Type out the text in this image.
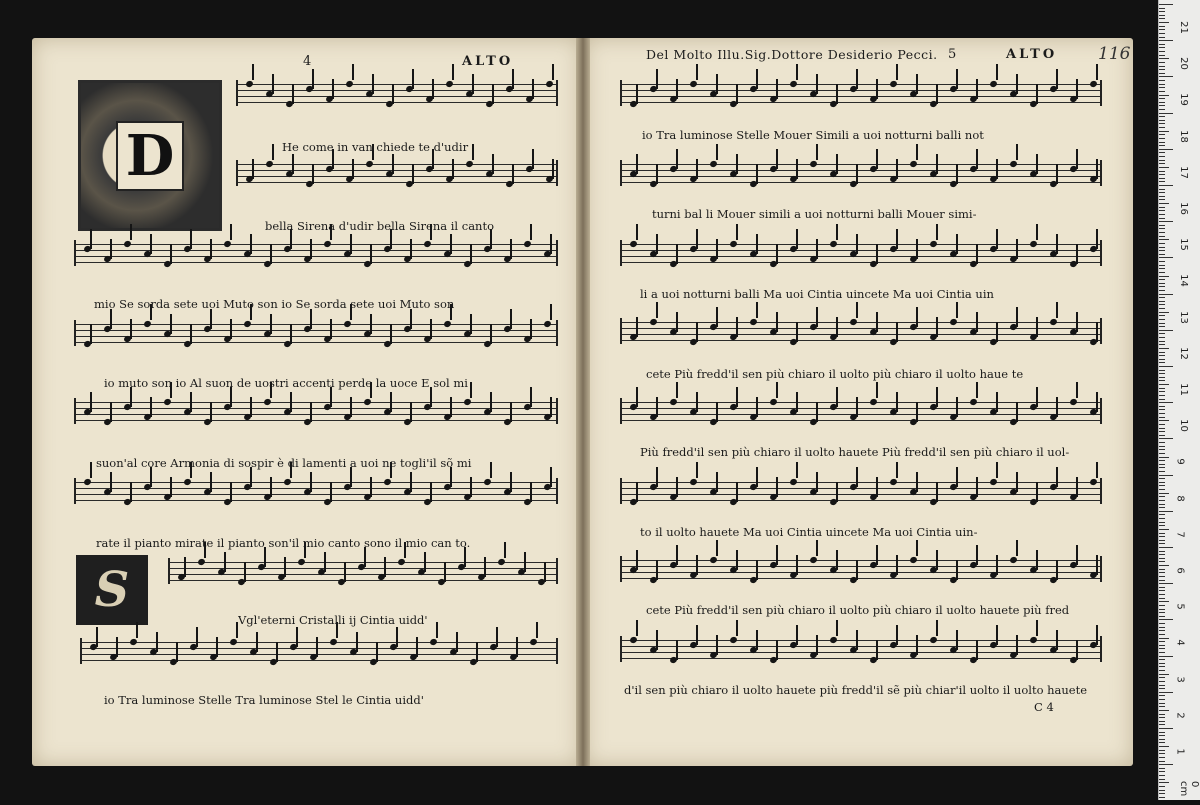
4	ALTO	Del Molto Illu.Sig.Dottore Desiderio Pecci. 5	ALTO 116
D
S
He come in van chiede te d'udir
bella Sirena d'udir bella Sirena il canto
mio Se sorda sete uoi Muto son io Se sorda sete uoi Muto son
io muto son io Al suon de uostri accenti perde la uoce E sol mi
suon'al core Armonia di sospir è di lamenti a uoi ne togli'il sõ mi
rate il pianto mirate il pianto son'il mio canto sono il mio can to.
Vgl'eterni Cristalli ij Cintia uidd'
io Tra luminose Stelle Tra luminose Stel le Cintia uidd'
io Tra luminose Stelle Mouer Simili a uoi notturni balli not
turni bal li Mouer simili a uoi notturni balli Mouer simi-
li a uoi notturni balli Ma uoi Cintia uincete Ma uoi Cintia uin
cete Più fredd'il sen più chiaro il uolto più chiaro il uolto haue te
Più fredd'il sen più chiaro il uolto hauete Più fredd'il sen più chiaro il uol-
to il uolto hauete Ma uoi Cintia uincete Ma uoi Cintia uin-
cete Più fredd'il sen più chiaro il uolto più chiaro il uolto hauete più fred
d'il sen più chiaro il uolto hauete più fredd'il sẽ più chiar'il uolto il uolto hauete
C 4
21
20
19
18
17
16
15
14
13
12
11
10
9
8
7
6
5
4
3
2
1
0 cm
